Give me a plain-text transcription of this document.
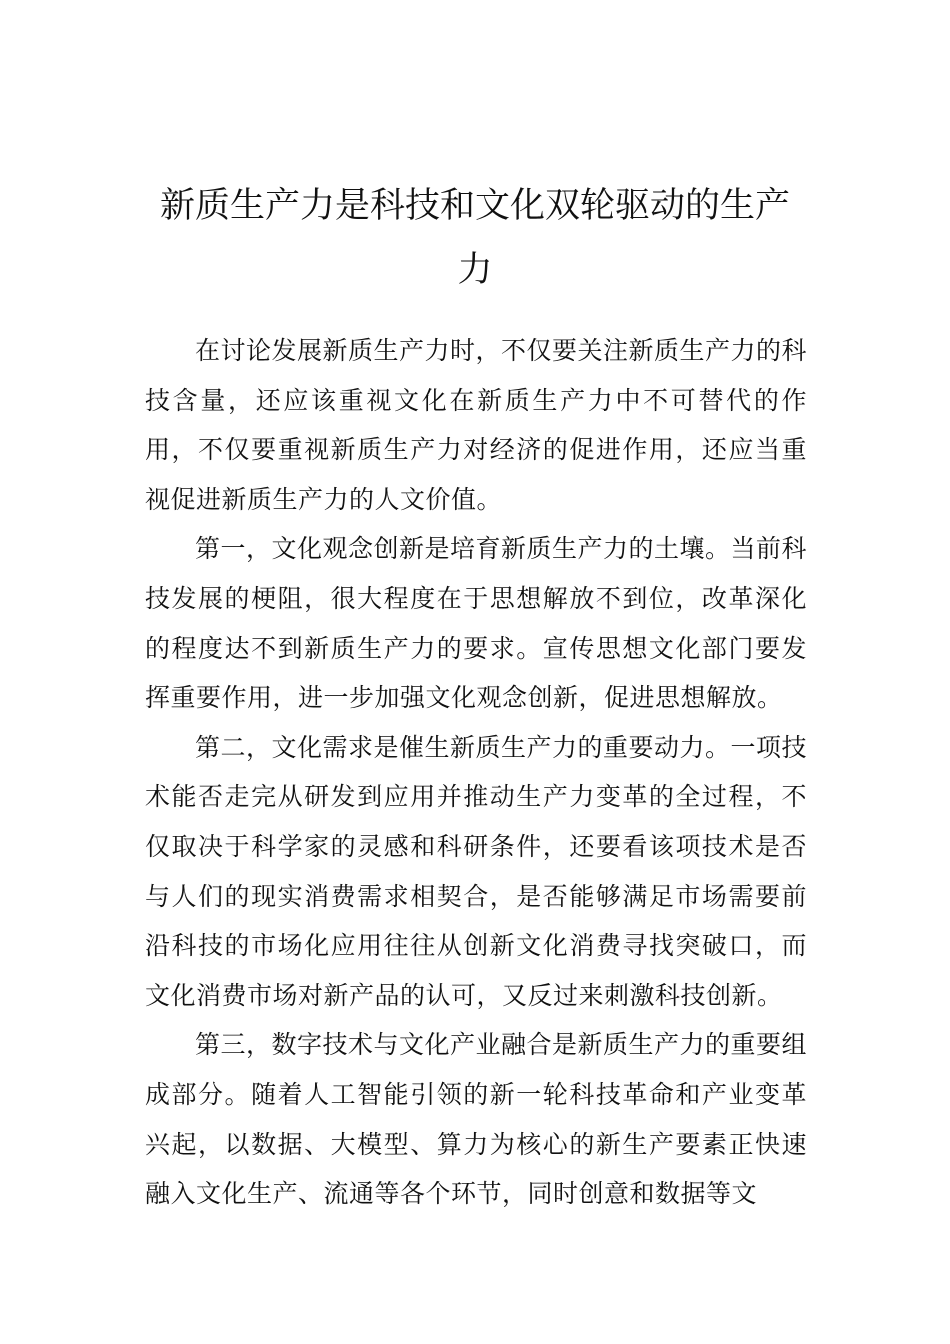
新质生产力是科技和文化双轮驱动的生产力

在讨论发展新质生产力时，不仅要关注新质生产力的科技含量，还应该重视文化在新质生产力中不可替代的作用，不仅要重视新质生产力对经济的促进作用，还应当重视促进新质生产力的人文价值。

第一，文化观念创新是培育新质生产力的土壤。当前科技发展的梗阻，很大程度在于思想解放不到位，改革深化的程度达不到新质生产力的要求。宣传思想文化部门要发挥重要作用，进一步加强文化观念创新，促进思想解放。

第二，文化需求是催生新质生产力的重要动力。一项技术能否走完从研发到应用并推动生产力变革的全过程，不仅取决于科学家的灵感和科研条件，还要看该项技术是否与人们的现实消费需求相契合，是否能够满足市场需要前沿科技的市场化应用往往从创新文化消费寻找突破口，而文化消费市场对新产品的认可，又反过来刺激科技创新。

第三，数字技术与文化产业融合是新质生产力的重要组成部分。随着人工智能引领的新一轮科技革命和产业变革兴起，以数据、大模型、算力为核心的新生产要素正快速融入文化生产、流通等各个环节，同时创意和数据等文
